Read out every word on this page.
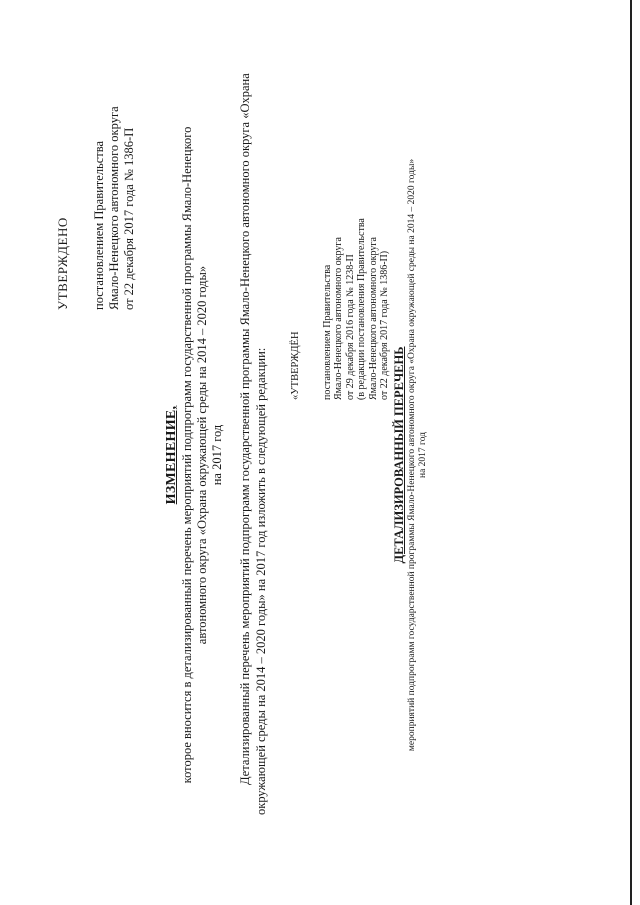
УТВЕРЖДЕНО постановлением Правительства Ямало-Ненецкого автономного округа от 22 декабря 2017 года № 1386-П
ИЗМЕНЕНИЕ, которое вносится в детализированный перечень мероприятий подпрограмм государственной программы Ямало-Ненецкого автономного округа «Охрана окружающей среды на 2014 – 2020 годы» на 2017 год Детализированный перечень мероприятий подпрограмм государственной программы Ямало-Ненецкого автономного округа «Охрана окружающей среды на 2014 – 2020 годы» на 2017 год изложить в следующей редакции: «УТВЕРЖДЁН постановлением Правительства Ямало-Ненецкого автономного округа от 29 декабря 2016 года № 1238-П (в редакции постановления Правительства Ямало-Ненецкого автономного округа от 22 декабря 2017 года № 1386-П)
ДЕТАЛИЗИРОВАННЫЙ ПЕРЕЧЕНЬ мероприятий подпрограмм государственной программы Ямало-Ненецкого автономного округа «Охрана окружающей среды на 2014 – 2020 годы» на 2017 год
